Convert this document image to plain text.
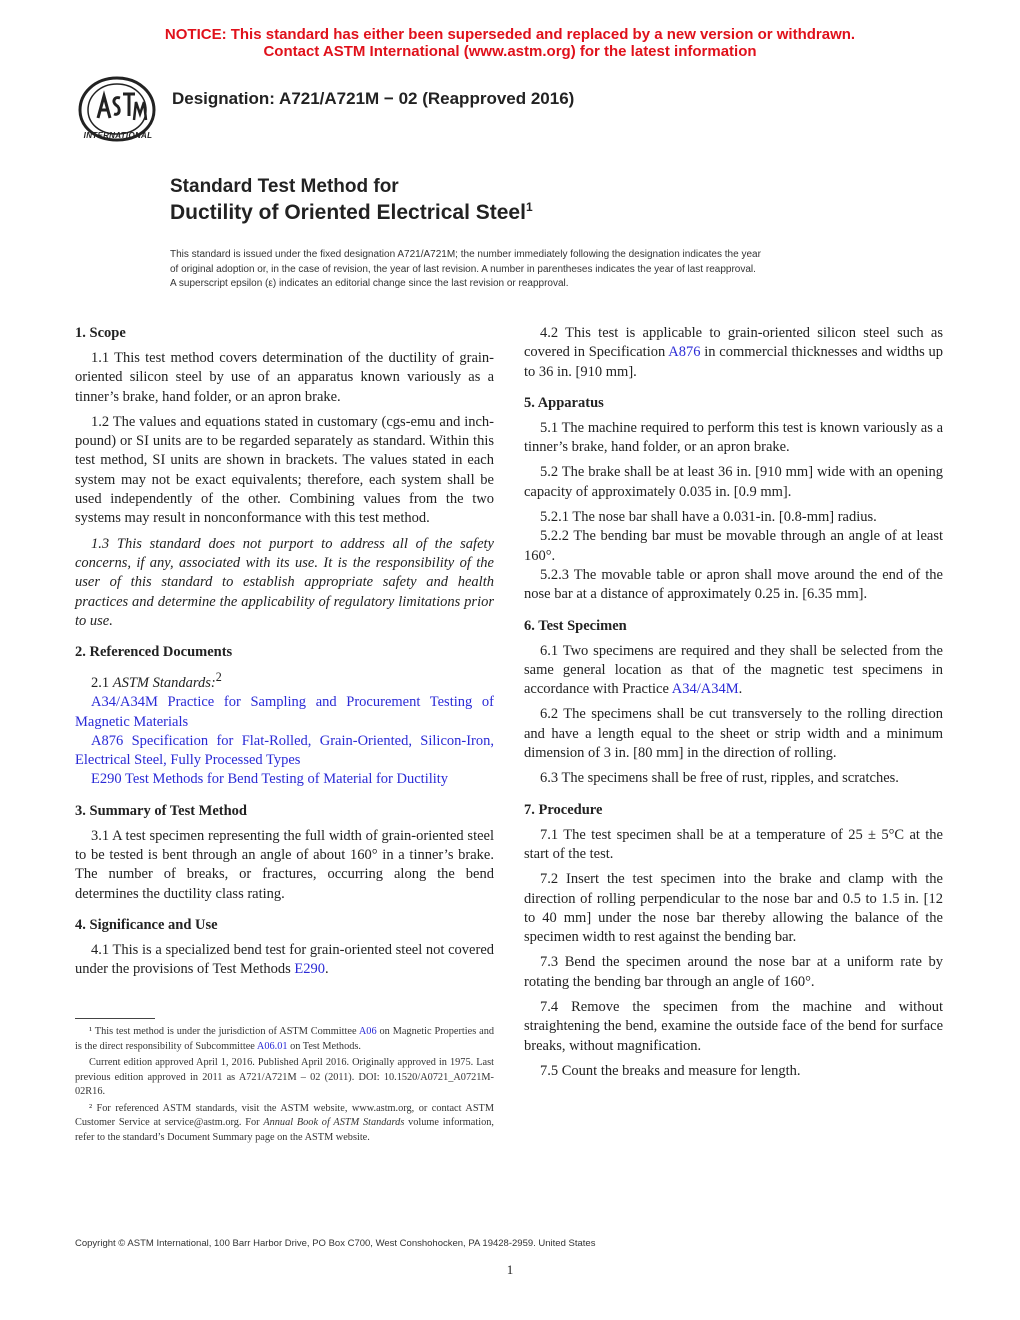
NOTICE: This standard has either been superseded and replaced by a new version or withdrawn.
Contact ASTM International (www.astm.org) for the latest information
INTERNATIONAL
Designation: A721/A721M − 02 (Reapproved 2016)
Standard Test Method for
Ductility of Oriented Electrical Steel$^1$
This standard is issued under the fixed designation A721/A721M; the number immediately following the designation indicates the year
of original adoption or, in the case of revision, the year of last revision. A number in parentheses indicates the year of last reapproval.
A superscript epsilon (ε) indicates an editorial change since the last revision or reapproval.
1. Scope

1.1 This test method covers determination of the ductility of grain-oriented silicon steel by use of an apparatus known variously as a tinner’s brake, hand folder, or an apron brake.

1.2 The values and equations stated in customary (cgs-emu and inch-pound) or SI units are to be regarded separately as standard. Within this test method, SI units are shown in brackets. The values stated in each system may not be exact equivalents; therefore, each system shall be used independently of the other. Combining values from the two systems may result in nonconformance with this test method.

1.3 This standard does not purport to address all of the safety concerns, if any, associated with its use. It is the responsibility of the user of this standard to establish appropriate safety and health practices and determine the applicability of regulatory limitations prior to use.

2. Referenced Documents

2.1 ASTM Standards:$^2$

A34/A34M Practice for Sampling and Procurement Testing of Magnetic Materials

A876 Specification for Flat-Rolled, Grain-Oriented, Silicon-Iron, Electrical Steel, Fully Processed Types

E290 Test Methods for Bend Testing of Material for Ductility

3. Summary of Test Method

3.1 A test specimen representing the full width of grain-oriented steel to be tested is bent through an angle of about 160° in a tinner’s brake. The number of breaks, or fractures, occurring along the bend determines the ductility class rating.

4. Significance and Use

4.1 This is a specialized bend test for grain-oriented steel not covered under the provisions of Test Methods E290.

¹ This test method is under the jurisdiction of ASTM Committee A06 on Magnetic Properties and is the direct responsibility of Subcommittee A06.01 on Test Methods.

Current edition approved April 1, 2016. Published April 2016. Originally approved in 1975. Last previous edition approved in 2011 as A721/A721M – 02 (2011). DOI: 10.1520/A0721_A0721M-02R16.

² For referenced ASTM standards, visit the ASTM website, www.astm.org, or contact ASTM Customer Service at service@astm.org. For Annual Book of ASTM Standards volume information, refer to the standard’s Document Summary page on the ASTM website.

4.2 This test is applicable to grain-oriented silicon steel such as covered in Specification A876 in commercial thicknesses and widths up to 36 in. [910 mm].

5. Apparatus

5.1 The machine required to perform this test is known variously as a tinner’s brake, hand folder, or an apron brake.

5.2 The brake shall be at least 36 in. [910 mm] wide with an opening capacity of approximately 0.035 in. [0.9 mm].

5.2.1 The nose bar shall have a 0.031-in. [0.8-mm] radius.

5.2.2 The bending bar must be movable through an angle of at least 160°.

5.2.3 The movable table or apron shall move around the end of the nose bar at a distance of approximately 0.25 in. [6.35 mm].

6. Test Specimen

6.1 Two specimens are required and they shall be selected from the same general location as that of the magnetic test specimens in accordance with Practice A34/A34M.

6.2 The specimens shall be cut transversely to the rolling direction and have a length equal to the sheet or strip width and a minimum dimension of 3 in. [80 mm] in the direction of rolling.

6.3 The specimens shall be free of rust, ripples, and scratches.

7. Procedure

7.1 The test specimen shall be at a temperature of 25 ± 5°C at the start of the test.

7.2 Insert the test specimen into the brake and clamp with the direction of rolling perpendicular to the nose bar and 0.5 to 1.5 in. [12 to 40 mm] under the nose bar thereby allowing the balance of the specimen width to rest against the bending bar.

7.3 Bend the specimen around the nose bar at a uniform rate by rotating the bending bar through an angle of 160°.

7.4 Remove the specimen from the machine and without straightening the bend, examine the outside face of the bend for surface breaks, without magnification.

7.5 Count the breaks and measure for length.

Copyright © ASTM International, 100 Barr Harbor Drive, PO Box C700, West Conshohocken, PA 19428-2959. United States
1
